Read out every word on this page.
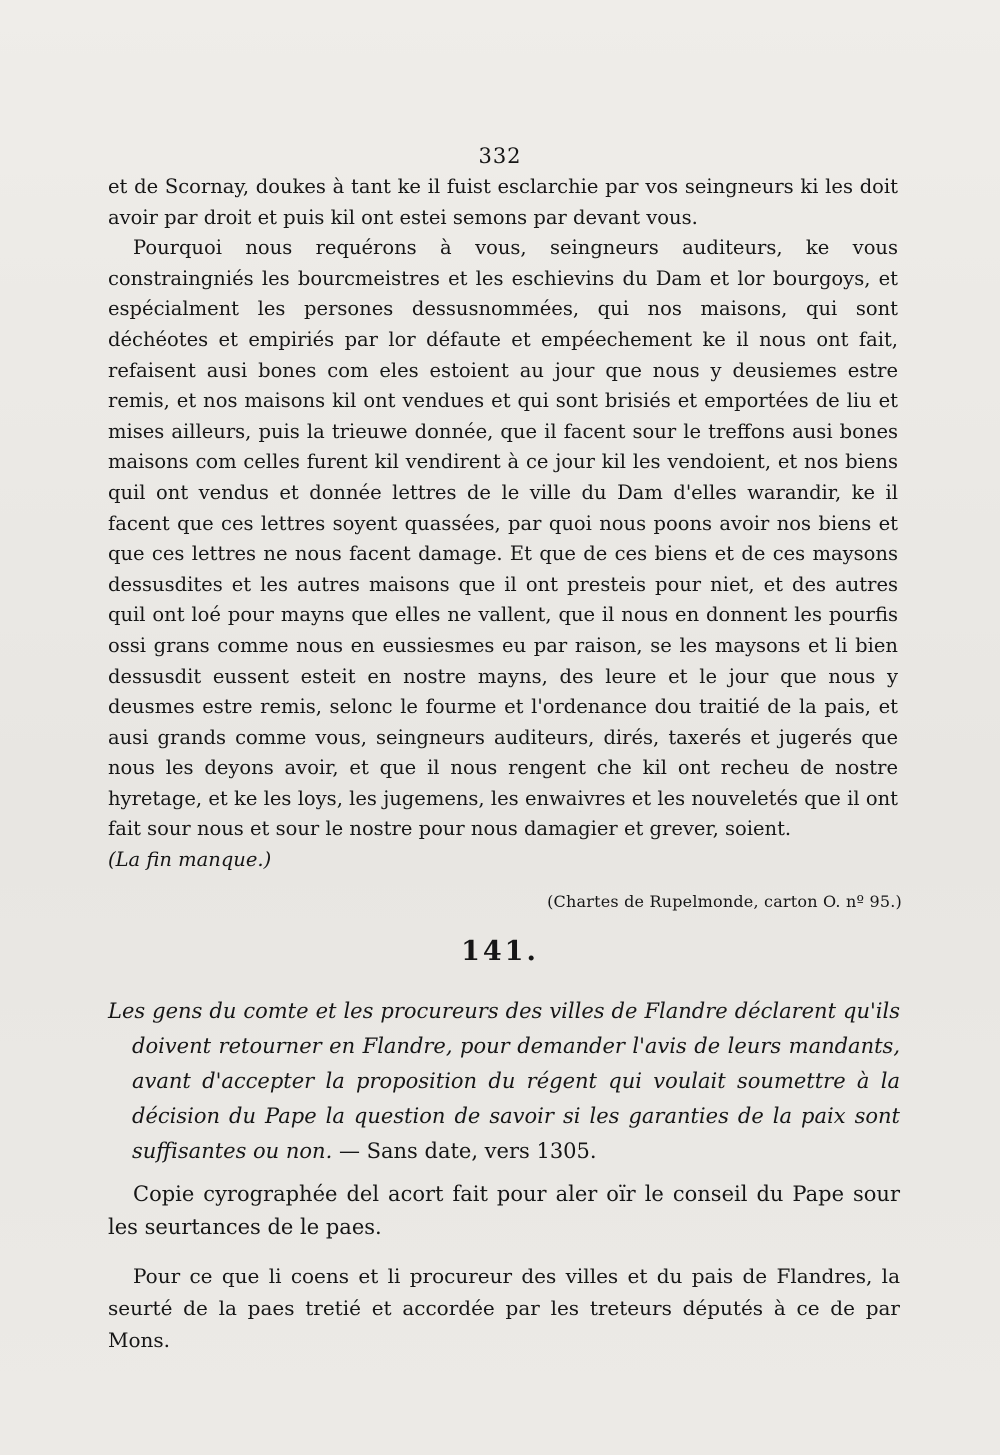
332

et de Scornay, doukes à tant ke il fuist esclarchie par vos seingneurs ki les doit avoir par droit et puis kil ont estei semons par devant vous.

Pourquoi nous requérons à vous, seingneurs auditeurs, ke vous constraingniés les bourcmeistres et les eschievins du Dam et lor bourgoys, et espécialment les persones dessusnommées, qui nos maisons, qui sont déchéotes et empiriés par lor défaute et empéechement ke il nous ont fait, refaisent ausi bones com eles estoient au jour que nous y deusiemes estre remis, et nos maisons kil ont vendues et qui sont brisiés et emportées de liu et mises ailleurs, puis la trieuwe donnée, que il facent sour le treffons ausi bones maisons com celles furent kil vendirent à ce jour kil les vendoient, et nos biens quil ont vendus et donnée lettres de le ville du Dam d'elles warandir, ke il facent que ces lettres soyent quassées, par quoi nous poons avoir nos biens et que ces lettres ne nous facent damage. Et que de ces biens et de ces maysons dessusdites et les autres maisons que il ont presteis pour niet, et des autres quil ont loé pour mayns que elles ne vallent, que il nous en donnent les pourfis ossi grans comme nous en eussiesmes eu par raison, se les maysons et li bien dessusdit eussent esteit en nostre mayns, des leure et le jour que nous y deusmes estre remis, selonc le fourme et l'ordenance dou traitié de la pais, et ausi grands comme vous, seingneurs auditeurs, dirés, taxerés et jugerés que nous les deyons avoir, et que il nous rengent che kil ont recheu de nostre hyretage, et ke les loys, les jugemens, les enwaivres et les nouveletés que il ont fait sour nous et sour le nostre pour nous damagier et grever, soient.

(La fin manque.)

(Chartes de Rupelmonde, carton O. nº 95.)
141.

Les gens du comte et les procureurs des villes de Flandre déclarent qu'ils doivent retourner en Flandre, pour demander l'avis de leurs mandants, avant d'accepter la proposition du régent qui voulait soumettre à la décision du Pape la question de savoir si les garanties de la paix sont suffisantes ou non. — Sans date, vers 1305.

Copie cyrographée del acort fait pour aler oïr le conseil du Pape sour les seurtances de le paes.

Pour ce que li coens et li procureur des villes et du pais de Flandres, la seurté de la paes tretié et accordée par les treteurs députés à ce de par Mons.
